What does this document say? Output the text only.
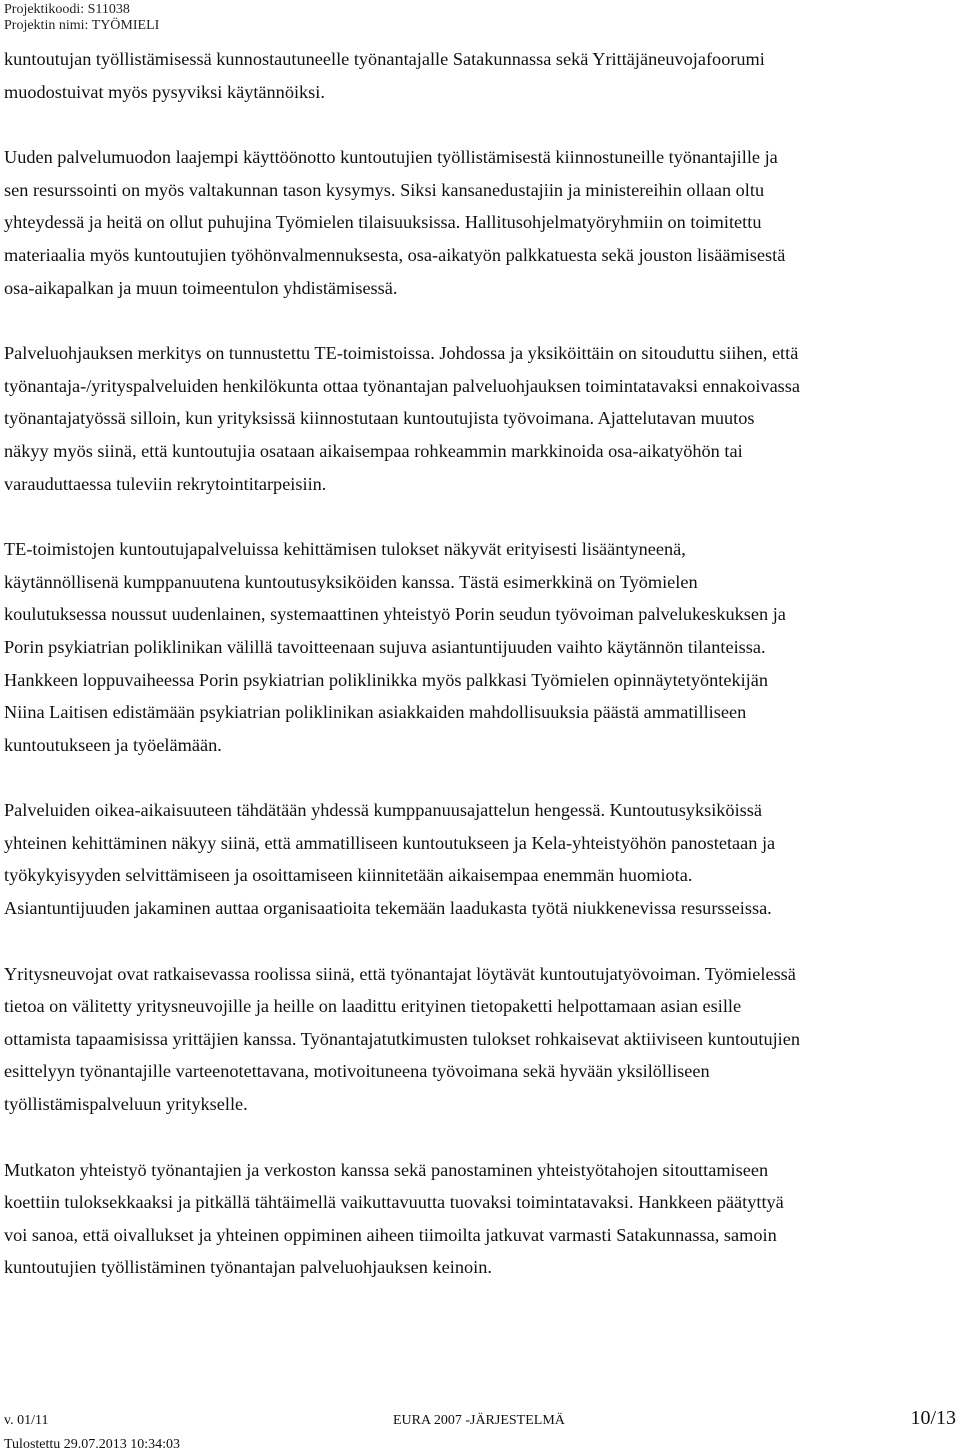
Projektikoodi: S11038
Projektin nimi: TYÖMIELI
kuntoutujan työllistämisessä kunnostautuneelle työnantajalle Satakunnassa sekä Yrittäjäneuvojafoorumi
muodostuivat myös pysyviksi käytännöiksi.
Uuden palvelumuodon laajempi käyttöönotto kuntoutujien työllistämisestä kiinnostuneille työnantajille ja
sen resurssointi on myös valtakunnan tason kysymys. Siksi kansanedustajiin ja ministereihin ollaan oltu
yhteydessä ja heitä on ollut puhujina Työmielen tilaisuuksissa. Hallitusohjelmatyöryhmiin on toimitettu
materiaalia myös kuntoutujien työhönvalmennuksesta, osa-aikatyön palkkatuesta sekä jouston lisäämisestä
osa-aikapalkan ja muun toimeentulon yhdistämisessä.
Palveluohjauksen merkitys on tunnustettu TE-toimistoissa. Johdossa ja yksiköittäin on sitouduttu siihen, että
työnantaja-/yrityspalveluiden henkilökunta ottaa työnantajan palveluohjauksen toimintatavaksi ennakoivassa
työnantajatyössä silloin, kun yrityksissä kiinnostutaan kuntoutujista työvoimana. Ajattelutavan muutos
näkyy myös siinä, että kuntoutujia osataan aikaisempaa rohkeammin markkinoida osa-aikatyöhön tai
varauduttaessa tuleviin rekrytointitarpeisiin.
TE-toimistojen kuntoutujapalveluissa kehittämisen tulokset näkyvät erityisesti lisääntyneenä,
käytännöllisenä kumppanuutena kuntoutusyksiköiden kanssa. Tästä esimerkkinä on Työmielen
koulutuksessa noussut uudenlainen, systemaattinen yhteistyö Porin seudun työvoiman palvelukeskuksen ja
Porin psykiatrian poliklinikan välillä tavoitteenaan sujuva asiantuntijuuden vaihto käytännön tilanteissa.
Hankkeen loppuvaiheessa Porin psykiatrian poliklinikka myös palkkasi Työmielen opinnäytetyöntekijän
Niina Laitisen edistämään psykiatrian poliklinikan asiakkaiden mahdollisuuksia päästä ammatilliseen
kuntoutukseen ja työelämään.
Palveluiden oikea-aikaisuuteen tähdätään yhdessä kumppanuusajattelun hengessä. Kuntoutusyksiköissä
yhteinen kehittäminen näkyy siinä, että ammatilliseen kuntoutukseen ja Kela-yhteistyöhön panostetaan ja
työkykyisyyden selvittämiseen ja osoittamiseen kiinnitetään aikaisempaa enemmän huomiota.
Asiantuntijuuden jakaminen auttaa organisaatioita tekemään laadukasta työtä niukkenevissa resursseissa.
Yritysneuvojat ovat ratkaisevassa roolissa siinä, että työnantajat löytävät kuntoutujatyövoiman. Työmielessä
tietoa on välitetty yritysneuvojille ja heille on laadittu erityinen tietopaketti helpottamaan asian esille
ottamista tapaamisissa yrittäjien kanssa. Työnantajatutkimusten tulokset rohkaisevat aktiiviseen kuntoutujien
esittelyyn työnantajille varteenotettavana, motivoituneena työvoimana sekä hyvään yksilölliseen
työllistämispalveluun yritykselle.
Mutkaton yhteistyö työnantajien ja verkoston kanssa sekä panostaminen yhteistyötahojen sitouttamiseen
koettiin tuloksekkaaksi ja pitkällä tähtäimellä vaikuttavuutta tuovaksi toimintatavaksi. Hankkeen päätyttyä
voi sanoa, että oivallukset ja yhteinen oppiminen aiheen tiimoilta jatkuvat varmasti Satakunnassa, samoin
kuntoutujien työllistäminen työnantajan palveluohjauksen keinoin.
v. 01/11	EURA 2007 -JÄRJESTELMÄ	10/13
Tulostettu 29.07.2013 10:34:03
